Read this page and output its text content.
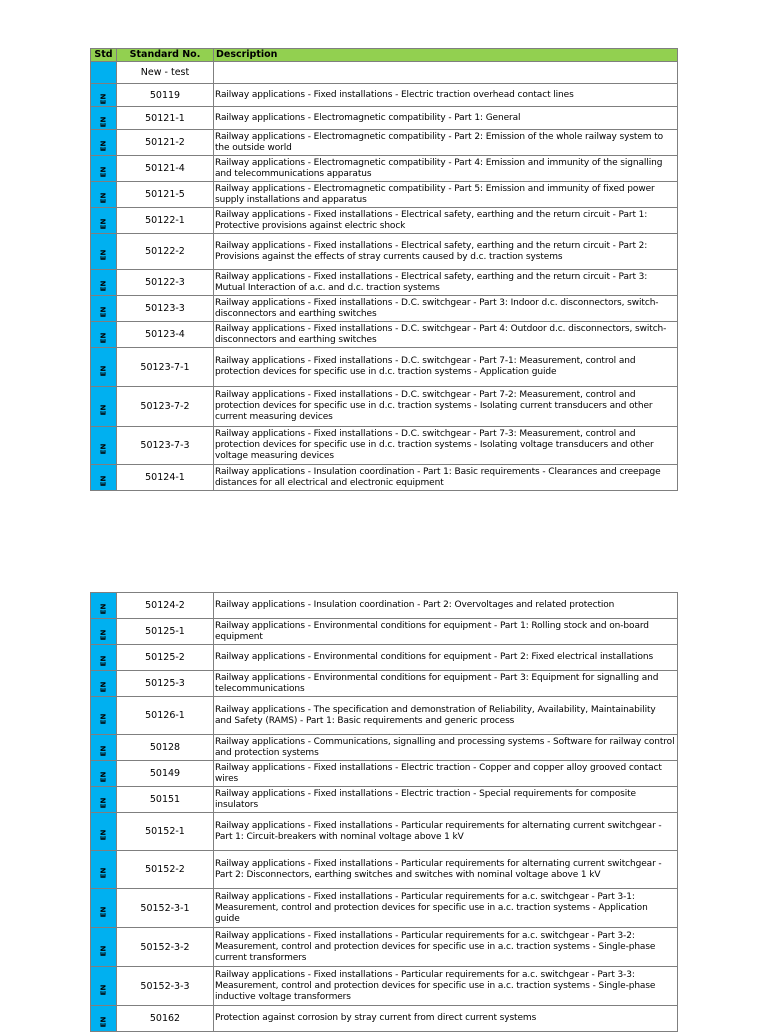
Std	Standard No.	Description
	New - test	
EN	50119	Railway applications - Fixed installations - Electric traction overhead contact lines
EN	50121-1	Railway applications - Electromagnetic compatibility - Part 1: General
EN	50121-2	Railway applications - Electromagnetic compatibility - Part 2: Emission of the whole railway system to the outside world
EN	50121-4	Railway applications - Electromagnetic compatibility - Part 4: Emission and immunity of the signalling and telecommunications apparatus
EN	50121-5	Railway applications - Electromagnetic compatibility - Part 5: Emission and immunity of fixed power supply installations and apparatus
EN	50122-1	Railway applications - Fixed installations - Electrical safety, earthing and the return circuit - Part 1: Protective provisions against electric shock
EN	50122-2	Railway applications - Fixed installations - Electrical safety, earthing and the return circuit - Part 2: Provisions against the effects of stray currents caused by d.c. traction systems
EN	50122-3	Railway applications - Fixed installations - Electrical safety, earthing and the return circuit - Part 3: Mutual Interaction of a.c. and d.c. traction systems
EN	50123-3	Railway applications - Fixed installations - D.C. switchgear - Part 3: Indoor d.c. disconnectors, switch-disconnectors and earthing switches
EN	50123-4	Railway applications - Fixed installations - D.C. switchgear - Part 4: Outdoor d.c. disconnectors, switch-disconnectors and earthing switches
EN	50123-7-1	Railway applications - Fixed installations - D.C. switchgear - Part 7-1: Measurement, control and protection devices for specific use in d.c. traction systems - Application guide
EN	50123-7-2	Railway applications - Fixed installations - D.C. switchgear - Part 7-2: Measurement, control and protection devices for specific use in d.c. traction systems - Isolating current transducers and other current measuring devices
EN	50123-7-3	Railway applications - Fixed installations - D.C. switchgear - Part 7-3: Measurement, control and protection devices for specific use in d.c. traction systems - Isolating voltage transducers and other voltage measuring devices
EN	50124-1	Railway applications - Insulation coordination - Part 1: Basic requirements - Clearances and creepage distances for all electrical and electronic equipment
EN	50124-2	Railway applications - Insulation coordination - Part 2: Overvoltages and related protection
EN	50125-1	Railway applications - Environmental conditions for equipment - Part 1: Rolling stock and on-board equipment
EN	50125-2	Railway applications - Environmental conditions for equipment - Part 2: Fixed electrical installations
EN	50125-3	Railway applications - Environmental conditions for equipment - Part 3: Equipment for signalling and telecommunications
EN	50126-1	Railway applications - The specification and demonstration of Reliability, Availability, Maintainability and Safety (RAMS) - Part 1: Basic requirements and generic process
EN	50128	Railway applications - Communications, signalling and processing systems - Software for railway control and protection systems
EN	50149	Railway applications - Fixed installations - Electric traction - Copper and copper alloy grooved contact wires
EN	50151	Railway applications - Fixed installations - Electric traction - Special requirements for composite insulators
EN	50152-1	Railway applications - Fixed installations - Particular requirements for alternating current switchgear - Part 1: Circuit-breakers with nominal voltage above 1 kV
EN	50152-2	Railway applications - Fixed installations - Particular requirements for alternating current switchgear - Part 2: Disconnectors, earthing switches and switches with nominal voltage above 1 kV
EN	50152-3-1	Railway applications - Fixed installations - Particular requirements for a.c. switchgear - Part 3-1: Measurement, control and protection devices for specific use in a.c. traction systems - Application guide
EN	50152-3-2	Railway applications - Fixed installations - Particular requirements for a.c. switchgear - Part 3-2: Measurement, control and protection devices for specific use in a.c. traction systems - Single-phase current transformers
EN	50152-3-3	Railway applications - Fixed installations - Particular requirements for a.c. switchgear - Part 3-3: Measurement, control and protection devices for specific use in a.c. traction systems - Single-phase inductive voltage transformers
EN	50162	Protection against corrosion by stray current from direct current systems
